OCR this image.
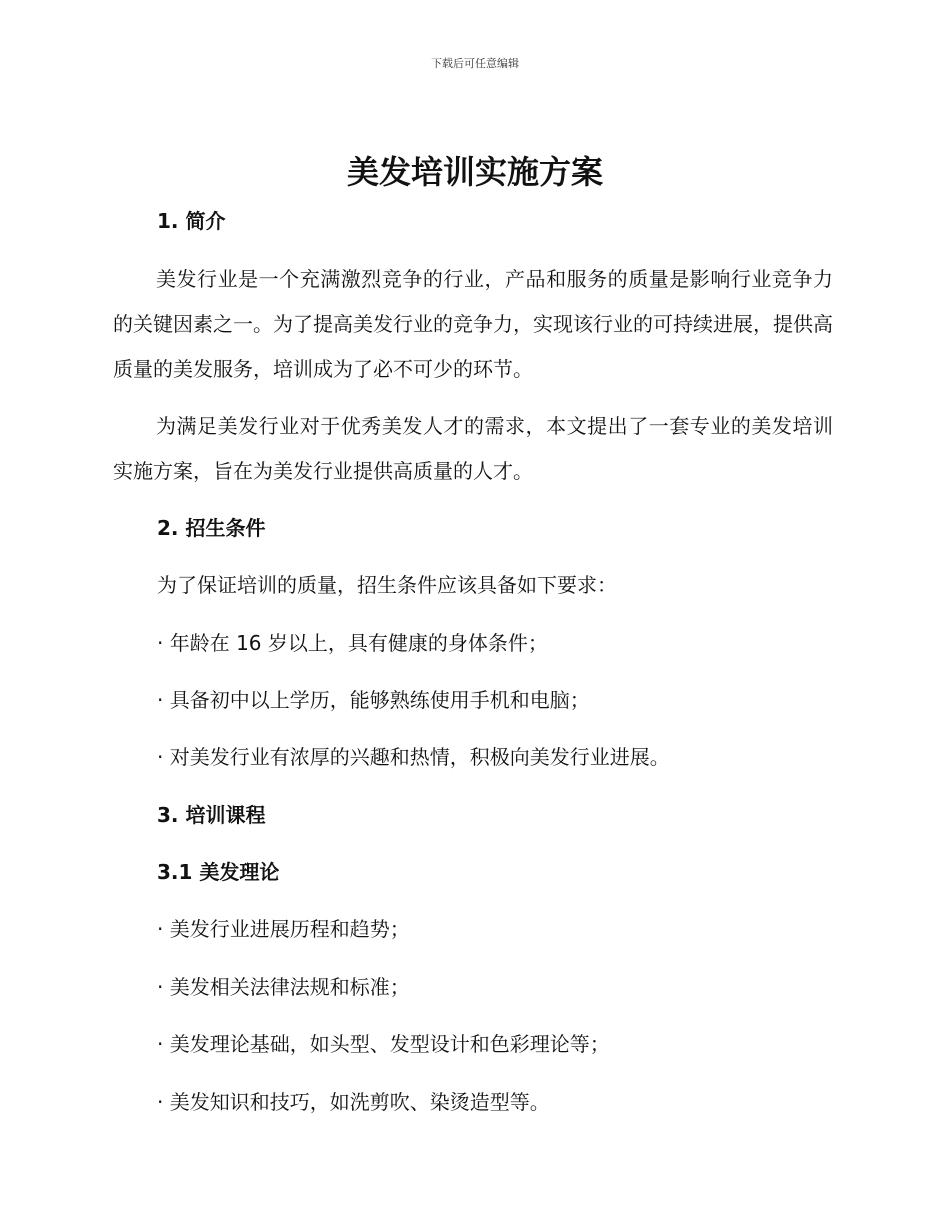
下载后可任意编辑
美发培训实施方案
1. 简介

美发行业是一个充满激烈竞争的行业，产品和服务的质量是影响行业竞争力的关键因素之一。为了提高美发行业的竞争力，实现该行业的可持续进展，提供高质量的美发服务，培训成为了必不可少的环节。

为满足美发行业对于优秀美发人才的需求，本文提出了一套专业的美发培训实施方案，旨在为美发行业提供高质量的人才。

2. 招生条件

为了保证培训的质量，招生条件应该具备如下要求：

· 年龄在 16 岁以上，具有健康的身体条件；

· 具备初中以上学历，能够熟练使用手机和电脑；

· 对美发行业有浓厚的兴趣和热情，积极向美发行业进展。

3. 培训课程
3.1 美发理论

· 美发行业进展历程和趋势；

· 美发相关法律法规和标准；

· 美发理论基础，如头型、发型设计和色彩理论等；

· 美发知识和技巧，如洗剪吹、染烫造型等。
